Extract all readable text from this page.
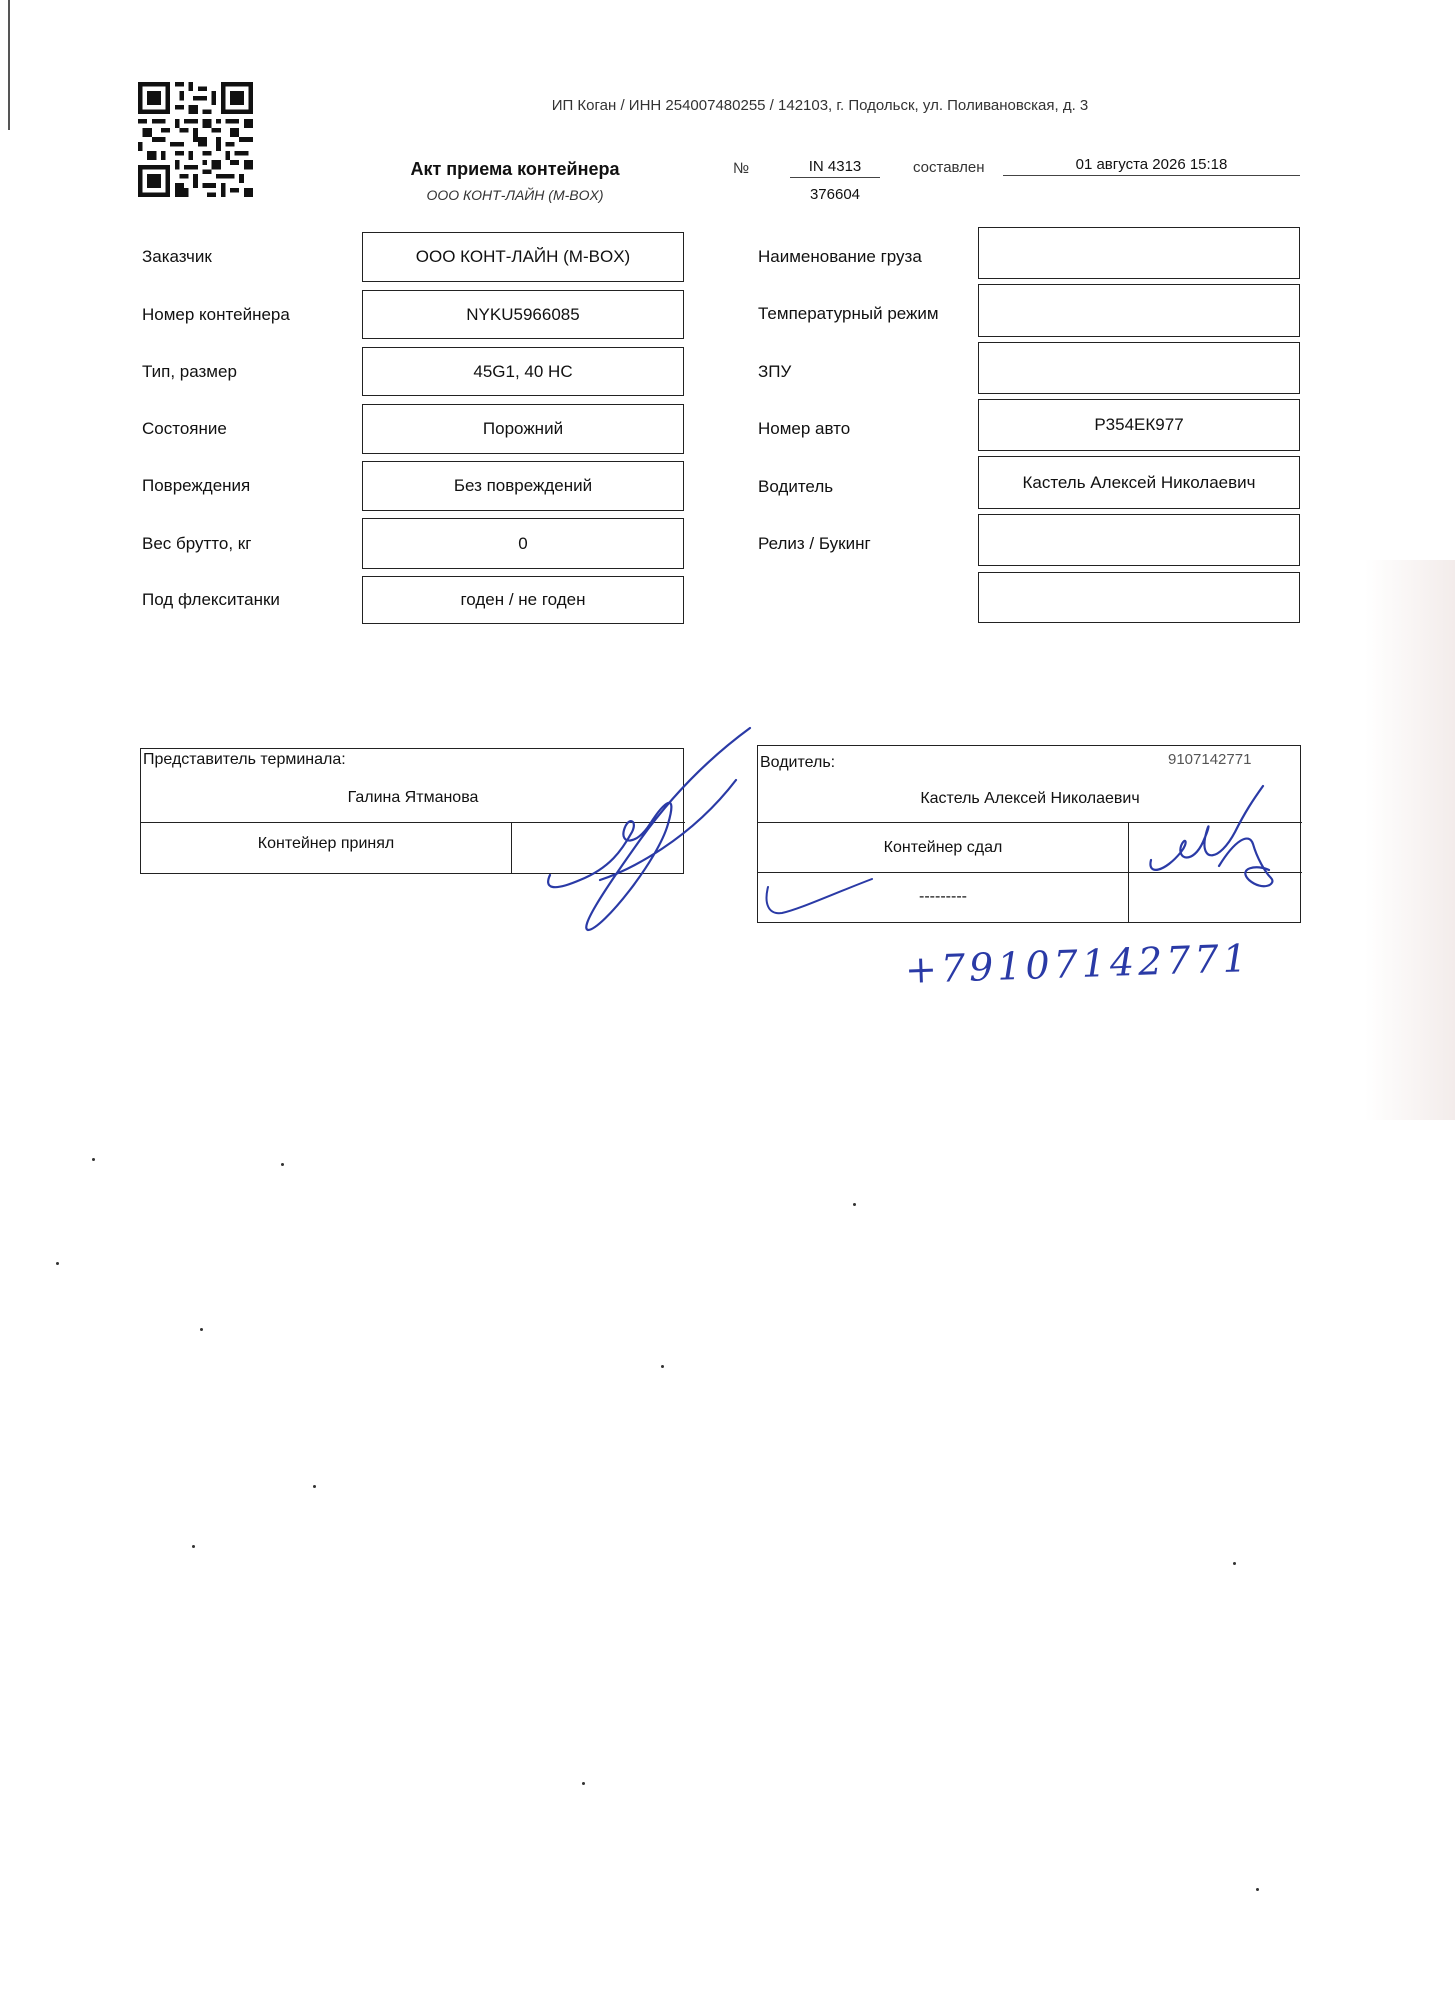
ИП Коган / ИНН 254007480255 / 142103, г. Подольск, ул. Поливановская, д. 3
Акт приема контейнера
ООО КОНТ-ЛАЙН (M-BOX)
№	IN 4313
376604
составлен	01 августа 2026 15:18
Заказчик	ООО КОНТ-ЛАЙН (M-BOX)
Номер контейнера	NYKU5966085
Тип, размер	45G1, 40 HC
Состояние	Порожний
Повреждения	Без повреждений
Вес брутто, кг	0
Под флекситанки	годен / не годен
Наименование груза
Температурный режим
ЗПУ
Номер авто	Р354ЕК977
Водитель	Кастель Алексей Николаевич
Релиз / Букинг
Представитель терминала:
Галина Ятманова
Контейнер принял
Водитель:	9107142771
Кастель Алексей Николаевич
Контейнер сдал
---------
+79107142771
